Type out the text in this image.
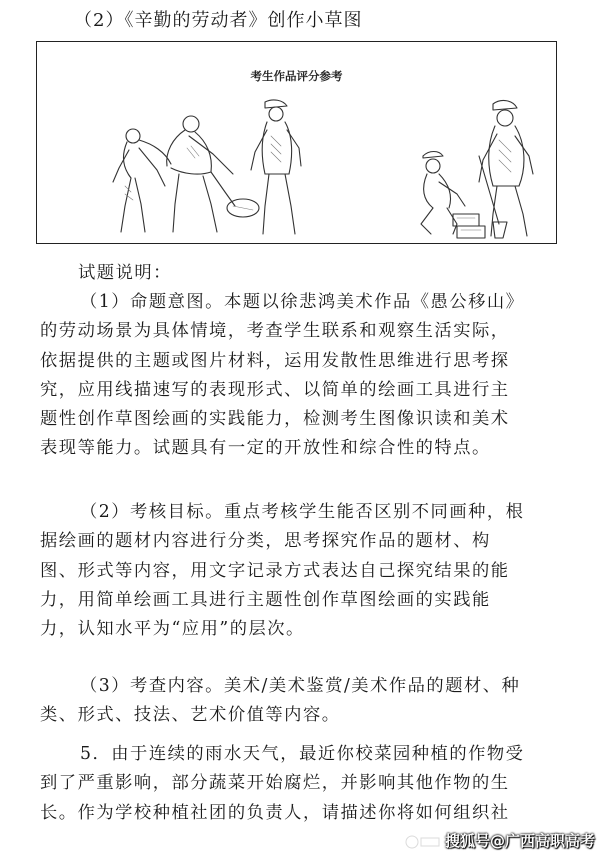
（2）《辛勤的劳动者》创作小草图
考生作品评分参考
试题说明：
（1）命题意图。本题以徐悲鸿美术作品《愚公移山》
的劳动场景为具体情境，考查学生联系和观察生活实际，
依据提供的主题或图片材料，运用发散性思维进行思考探
究，应用线描速写的表现形式、以简单的绘画工具进行主
题性创作草图绘画的实践能力，检测考生图像识读和美术
表现等能力。试题具有一定的开放性和综合性的特点。
（2）考核目标。重点考核学生能否区别不同画种，根
据绘画的题材内容进行分类，思考探究作品的题材、构
图、形式等内容，用文字记录方式表达自己探究结果的能
力，用简单绘画工具进行主题性创作草图绘画的实践能
力，认知水平为“应用”的层次。
（3）考查内容。美术/美术鉴赏/美术作品的题材、种
类、形式、技法、艺术价值等内容。
5．由于连续的雨水天气，最近你校菜园种植的作物受
到了严重影响，部分蔬菜开始腐烂，并影响其他作物的生
长。作为学校种植社团的负责人，请描述你将如何组织社
搜狐号@广西高职高考
